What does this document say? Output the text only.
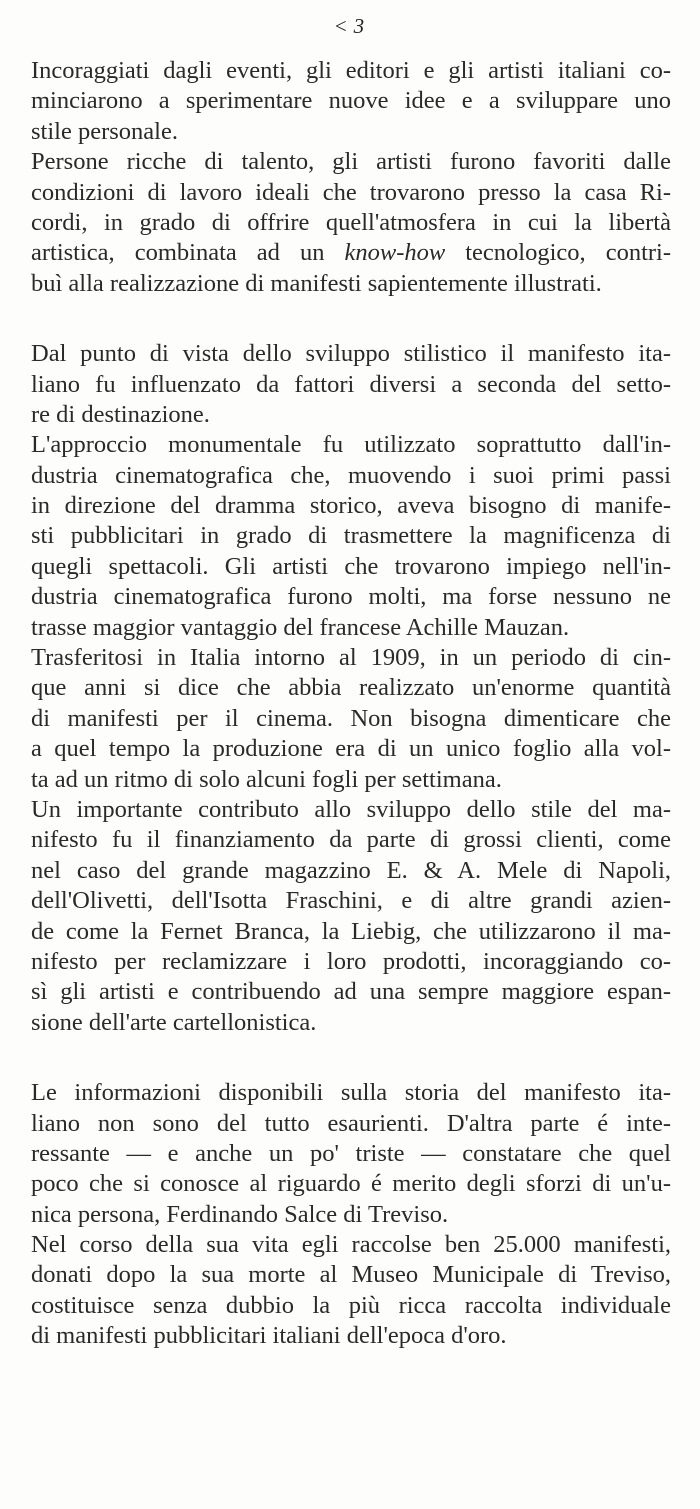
< 3
Incoraggiati dagli eventi, gli editori e gli artisti italiani co-
minciarono a sperimentare nuove idee e a sviluppare uno
stile personale.
Persone ricche di talento, gli artisti furono favoriti dalle
condizioni di lavoro ideali che trovarono presso la casa Ri-
cordi, in grado di offrire quell'atmosfera in cui la libertà
artistica, combinata ad un know-how tecnologico, contri-
buì alla realizzazione di manifesti sapientemente illustrati.
Dal punto di vista dello sviluppo stilistico il manifesto ita-
liano fu influenzato da fattori diversi a seconda del setto-
re di destinazione.
L'approccio monumentale fu utilizzato soprattutto dall'in-
dustria cinematografica che, muovendo i suoi primi passi
in direzione del dramma storico, aveva bisogno di manife-
sti pubblicitari in grado di trasmettere la magnificenza di
quegli spettacoli. Gli artisti che trovarono impiego nell'in-
dustria cinematografica furono molti, ma forse nessuno ne
trasse maggior vantaggio del francese Achille Mauzan.
Trasferitosi in Italia intorno al 1909, in un periodo di cin-
que anni si dice che abbia realizzato un'enorme quantità
di manifesti per il cinema. Non bisogna dimenticare che
a quel tempo la produzione era di un unico foglio alla vol-
ta ad un ritmo di solo alcuni fogli per settimana.
Un importante contributo allo sviluppo dello stile del ma-
nifesto fu il finanziamento da parte di grossi clienti, come
nel caso del grande magazzino E. & A. Mele di Napoli,
dell'Olivetti, dell'Isotta Fraschini, e di altre grandi azien-
de come la Fernet Branca, la Liebig, che utilizzarono il ma-
nifesto per reclamizzare i loro prodotti, incoraggiando co-
sì gli artisti e contribuendo ad una sempre maggiore espan-
sione dell'arte cartellonistica.
Le informazioni disponibili sulla storia del manifesto ita-
liano non sono del tutto esaurienti. D'altra parte é inte-
ressante — e anche un po' triste — constatare che quel
poco che si conosce al riguardo é merito degli sforzi di un'u-
nica persona, Ferdinando Salce di Treviso.
Nel corso della sua vita egli raccolse ben 25.000 manifesti,
donati dopo la sua morte al Museo Municipale di Treviso,
costituisce senza dubbio la più ricca raccolta individuale
di manifesti pubblicitari italiani dell'epoca d'oro.
